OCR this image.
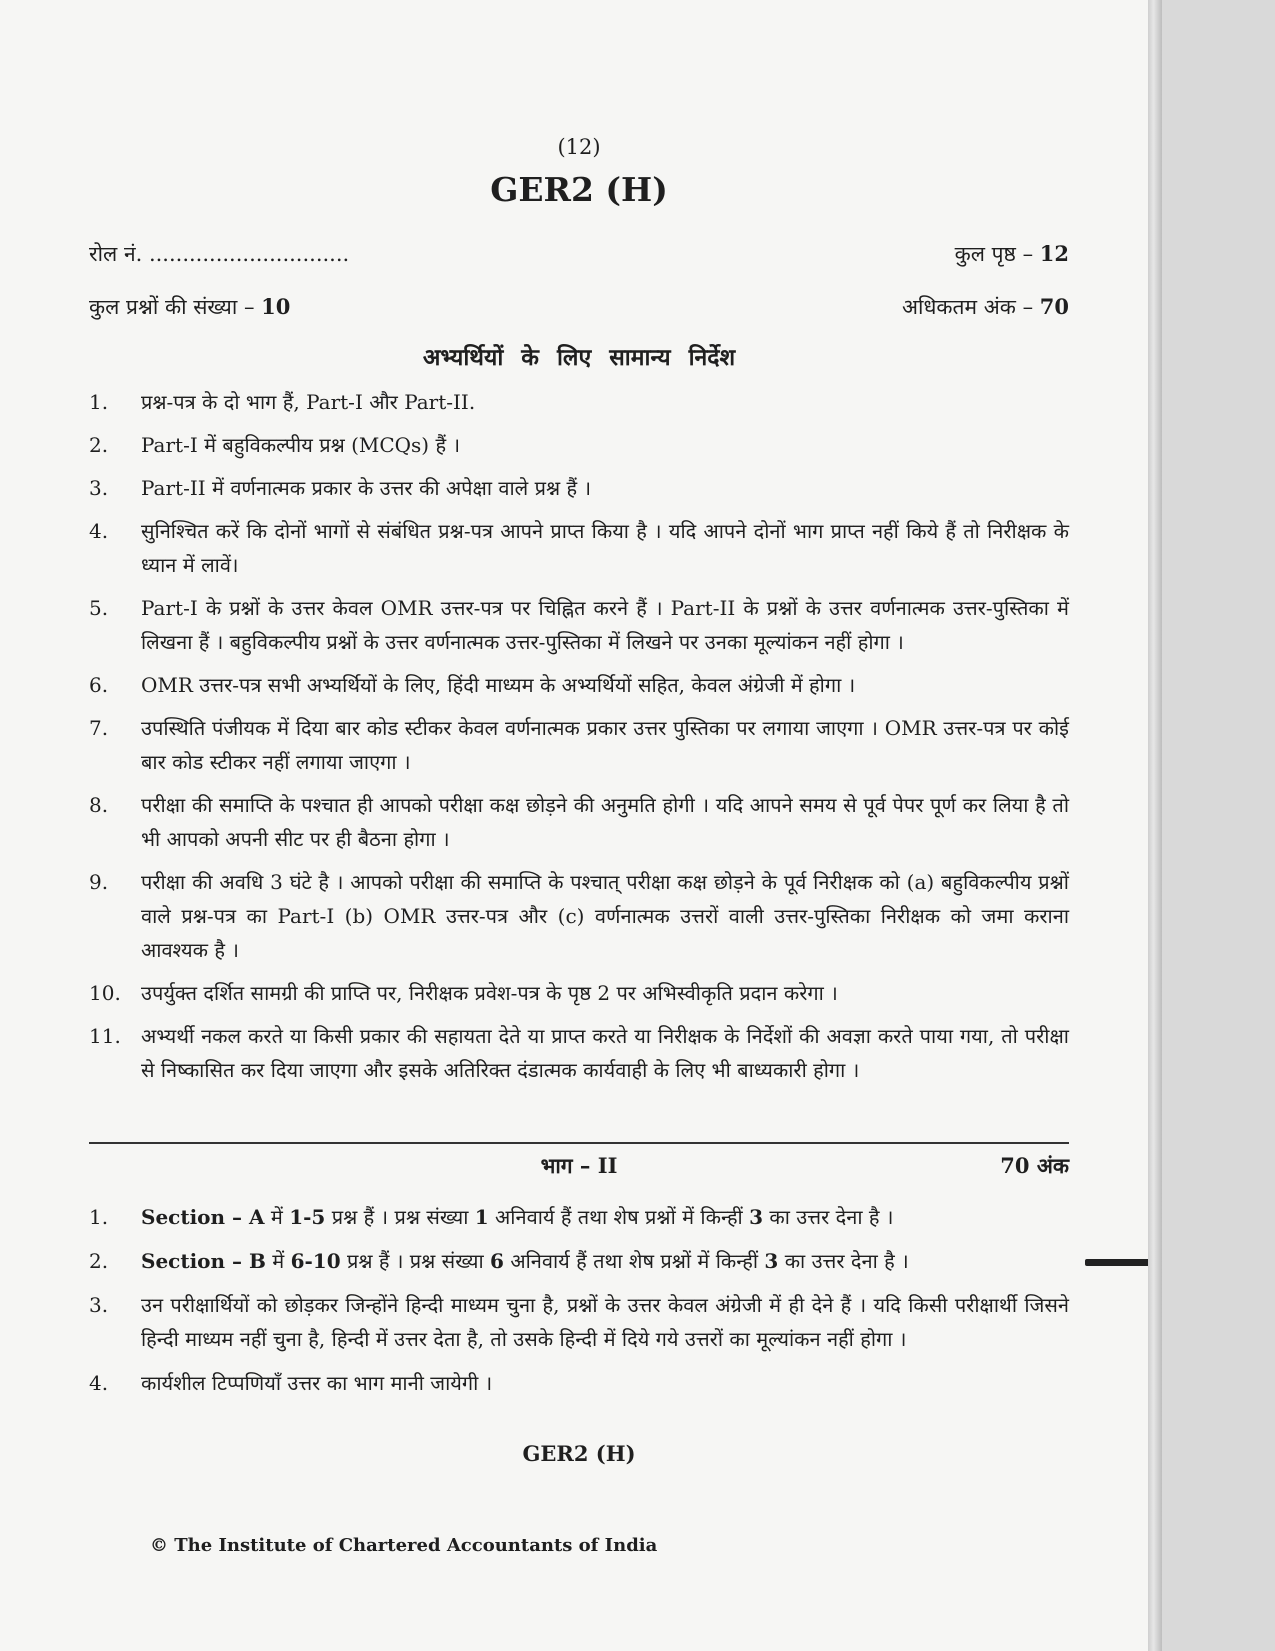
(12)
GER2 (H)
रोल नं. ..............................	कुल पृष्ठ – 12
कुल प्रश्नों की संख्या – 10	अधिकतम अंक – 70
अभ्यर्थियों के लिए सामान्य निर्देश
1.	प्रश्न-पत्र के दो भाग हैं, Part-I और Part-II.
2.	Part-I में बहुविकल्पीय प्रश्न (MCQs) हैं ।
3.	Part-II में वर्णनात्मक प्रकार के उत्तर की अपेक्षा वाले प्रश्न हैं ।
4.	सुनिश्चित करें कि दोनों भागों से संबंधित प्रश्न-पत्र आपने प्राप्त किया है । यदि आपने दोनों भाग प्राप्त नहीं किये हैं तो निरीक्षक के ध्यान में लावें।
5.	Part-I के प्रश्नों के उत्तर केवल OMR उत्तर-पत्र पर चिह्नित करने हैं । Part-II के प्रश्नों के उत्तर वर्णनात्मक उत्तर-पुस्तिका में लिखना हैं । बहुविकल्पीय प्रश्नों के उत्तर वर्णनात्मक उत्तर-पुस्तिका में लिखने पर उनका मूल्यांकन नहीं होगा ।
6.	OMR उत्तर-पत्र सभी अभ्यर्थियों के लिए, हिंदी माध्यम के अभ्यर्थियों सहित, केवल अंग्रेजी में होगा ।
7.	उपस्थिति पंजीयक में दिया बार कोड स्टीकर केवल वर्णनात्मक प्रकार उत्तर पुस्तिका पर लगाया जाएगा । OMR उत्तर-पत्र पर कोई बार कोड स्टीकर नहीं लगाया जाएगा ।
8.	परीक्षा की समाप्ति के पश्चात ही आपको परीक्षा कक्ष छोड़ने की अनुमति होगी । यदि आपने समय से पूर्व पेपर पूर्ण कर लिया है तो भी आपको अपनी सीट पर ही बैठना होगा ।
9.	परीक्षा की अवधि 3 घंटे है । आपको परीक्षा की समाप्ति के पश्चात् परीक्षा कक्ष छोड़ने के पूर्व निरीक्षक को (a) बहुविकल्पीय प्रश्नों वाले प्रश्न-पत्र का Part-I (b) OMR उत्तर-पत्र और (c) वर्णनात्मक उत्तरों वाली उत्तर-पुस्तिका निरीक्षक को जमा कराना आवश्यक है ।
10.	उपर्युक्त दर्शित सामग्री की प्राप्ति पर, निरीक्षक प्रवेश-पत्र के पृष्ठ 2 पर अभिस्वीकृति प्रदान करेगा ।
11.	अभ्यर्थी नकल करते या किसी प्रकार की सहायता देते या प्राप्त करते या निरीक्षक के निर्देशों की अवज्ञा करते पाया गया, तो परीक्षा से निष्कासित कर दिया जाएगा और इसके अतिरिक्त दंडात्मक कार्यवाही के लिए भी बाध्यकारी होगा ।
भाग – II	70 अंक
1.	Section – A में 1-5 प्रश्न हैं । प्रश्न संख्या 1 अनिवार्य हैं तथा शेष प्रश्नों में किन्हीं 3 का उत्तर देना है ।
2.	Section – B में 6-10 प्रश्न हैं । प्रश्न संख्या 6 अनिवार्य हैं तथा शेष प्रश्नों में किन्हीं 3 का उत्तर देना है ।
3.	उन परीक्षार्थियों को छोड़कर जिन्होंने हिन्दी माध्यम चुना है, प्रश्नों के उत्तर केवल अंग्रेजी में ही देने हैं । यदि किसी परीक्षार्थी जिसने हिन्दी माध्यम नहीं चुना है, हिन्दी में उत्तर देता है, तो उसके हिन्दी में दिये गये उत्तरों का मूल्यांकन नहीं होगा ।
4.	कार्यशील टिप्पणियाँ उत्तर का भाग मानी जायेगी ।
GER2 (H)
© The Institute of Chartered Accountants of India
